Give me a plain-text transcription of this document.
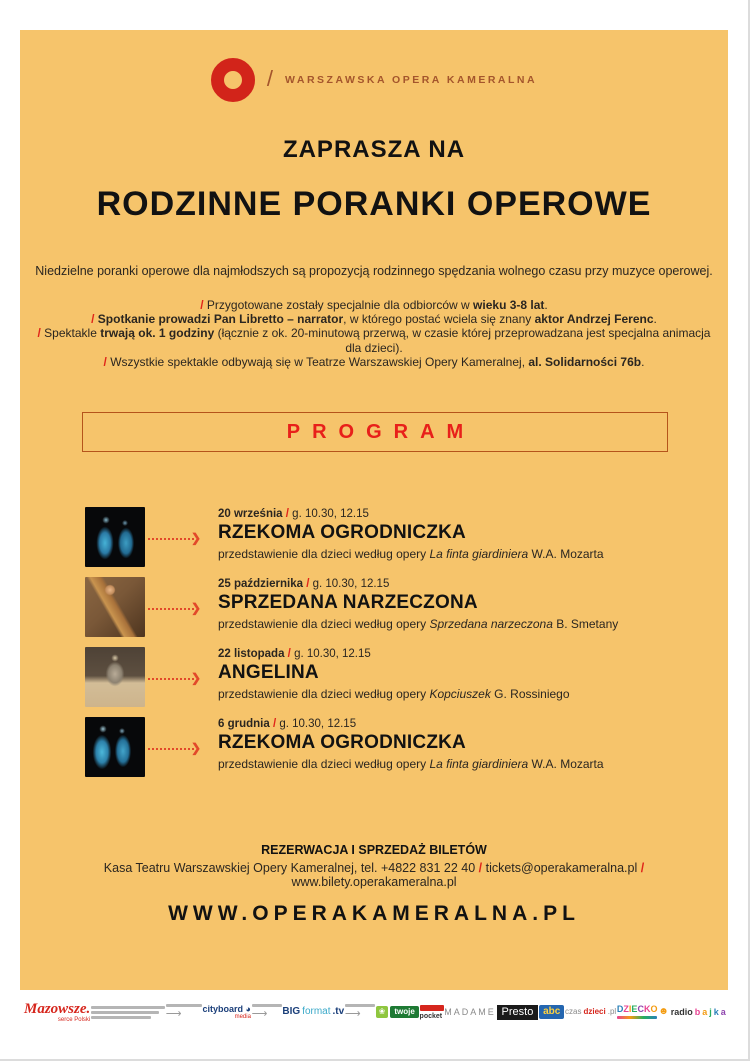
/ WARSZAWSKA OPERA KAMERALNA
ZAPRASZA NA
RODZINNE PORANKI OPEROWE
Niedzielne poranki operowe dla najmłodszych są propozycją rodzinnego spędzania wolnego czasu przy muzyce operowej.
/ Przygotowane zostały specjalnie dla odbiorców w wieku 3-8 lat.
/ Spotkanie prowadzi Pan Libretto – narrator, w którego postać wciela się znany aktor Andrzej Ferenc.
/ Spektakle trwają ok. 1 godziny (łącznie z ok. 20-minutową przerwą, w czasie której przeprowadzana jest specjalna animacja dla dzieci).
/ Wszystkie spektakle odbywają się w Teatrze Warszawskiej Opery Kameralnej, al. Solidarności 76b.
PROGRAM
❯
20 września / g. 10.30, 12.15
RZEKOMA OGRODNICZKA
przedstawienie dla dzieci według opery La finta giardiniera W.A. Mozarta
❯
25 października / g. 10.30, 12.15
SPRZEDANA NARZECZONA
przedstawienie dla dzieci według opery Sprzedana narzeczona B. Smetany
❯
22 listopada / g. 10.30, 12.15
ANGELINA
przedstawienie dla dzieci według opery Kopciuszek G. Rossiniego
❯
6 grudnia / g. 10.30, 12.15
RZEKOMA OGRODNICZKA
przedstawienie dla dzieci według opery La finta giardiniera W.A. Mozarta
REZERWACJA I SPRZEDAŻ BILETÓW
Kasa Teatru Warszawskiej Opery Kameralnej, tel. +4822 831 22 40 / tickets@operakameralna.pl / www.bilety.operakameralna.pl
WWW.OPERAKAMERALNA.PL
Mazowsze.
serce Polski	⟶ cityboard ◕
media ⟶ BIG format .tv ⟶	❀	twoje pocket MADAME Presto abc czas dzieci .pl DZIECKO ☻ radio b a j k a
